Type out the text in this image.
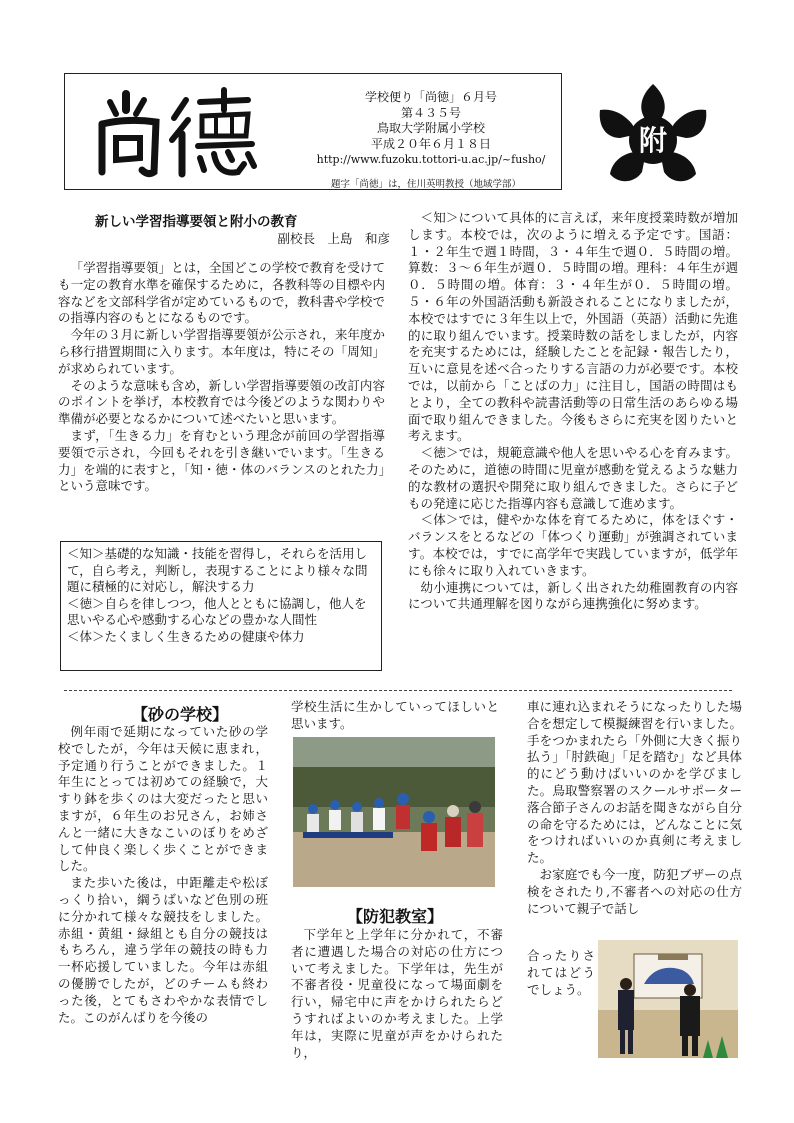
学校便り「尚徳」６月号
第４３５号
鳥取大学附属小学校
平成２０年６月１８日
http://www.fuzoku.tottori-u.ac.jp/~fusho/
題字「尚徳」は，住川英明教授（地域学部）
附
新しい学習指導要領と附小の教育
副校長　上島　和彦

「学習指導要領」とは，全国どこの学校で教育を受けても一定の教育水準を確保するために，各教科等の目標や内容などを文部科学省が定めているもので，教科書や学校での指導内容のもとになるものです。

今年の３月に新しい学習指導要領が公示され，来年度から移行措置期間に入ります。本年度は，特にその「周知」が求められています。

そのような意味も含め，新しい学習指導要領の改訂内容のポイントを挙げ，本校教育では今後どのような関わりや準備が必要となるかについて述べたいと思います。

まず，「生きる力」を育むという理念が前回の学習指導要領で示され，今回もそれを引き継いでいます。「生きる力」を端的に表すと，「知・徳・体のバランスのとれた力」という意味です。

＜知＞基礎的な知識・技能を習得し，それらを活用して，自ら考え，判断し，表現することにより様々な問題に積極的に対応し，解決する力
＜徳＞自らを律しつつ，他人とともに協調し，他人を思いやる心や感動する心などの豊かな人間性
＜体＞たくましく生きるための健康や体力

＜知＞について具体的に言えば，来年度授業時数が増加します。本校では，次のように増える予定です。国語：１・２年生で週１時間，３・４年生で週０．５時間の増。算数：３～６年生が週０．５時間の増。理科：４年生が週０．５時間の増。体育：３・４年生が０．５時間の増。５・６年の外国語活動も新設されることになりましたが，本校ではすでに３年生以上で，外国語（英語）活動に先進的に取り組んでいます。授業時数の話をしましたが，内容を充実するためには，経験したことを記録・報告したり，互いに意見を述べ合ったりする言語の力が必要です。本校では，以前から「ことばの力」に注目し，国語の時間はもとより，全ての教科や読書活動等の日常生活のあらゆる場面で取り組んできました。今後もさらに充実を図りたいと考えます。

＜徳＞では，規範意識や他人を思いやる心を育みます。そのために，道徳の時間に児童が感動を覚えるような魅力的な教材の選択や開発に取り組んできました。さらに子どもの発達に応じた指導内容も意識して進めます。

＜体＞では，健やかな体を育てるために，体をほぐす・バランスをとるなどの「体つくり運動」が強調されています。本校では，すでに高学年で実践していますが，低学年にも徐々に取り入れていきます。

幼小連携については，新しく出された幼稚園教育の内容について共通理解を図りながら連携強化に努めます。

【砂の学校】

例年雨で延期になっていた砂の学校でしたが，今年は天候に恵まれ，予定通り行うことができました。１年生にとっては初めての経験で，大すり鉢を歩くのは大変だったと思いますが，６年生のお兄さん，お姉さんと一緒に大きなこいのぼりをめざして仲良く楽しく歩くことができました。

また歩いた後は，中距離走や松ぼっくり拾い，綱うばいなど色別の班に分かれて様々な競技をしました。赤組・黄組・緑組とも自分の競技はもちろん，違う学年の競技の時も力一杯応援していました。今年は赤組の優勝でしたが，どのチームも終わった後，とてもさわやかな表情でした。このがんばりを今後の

学校生活に生かしていってほしいと思います。
【防犯教室】

下学年と上学年に分かれて，不審者に遭遇した場合の対応の仕方について考えました。下学年は，先生が不審者役・児童役になって場面劇を行い，帰宅中に声をかけられたらどうすればよいのか考えました。上学年は，実際に児童が声をかけられたり，

車に連れ込まれそうになったりした場合を想定して模擬練習を行いました。手をつかまれたら「外側に大きく振り払う」「肘鉄砲」「足を踏む」など具体的にどう動けばいいのかを学びました。鳥取警察署のスクールサポーター落合節子さんのお話を聞きながら自分の命を守るためには，どんなことに気をつければいいのか真剣に考えました。

お家庭でも今一度，防犯ブザーの点検をされたり,不審者への対応の仕方について親子で話し

合ったりされてはどうでしょう。
